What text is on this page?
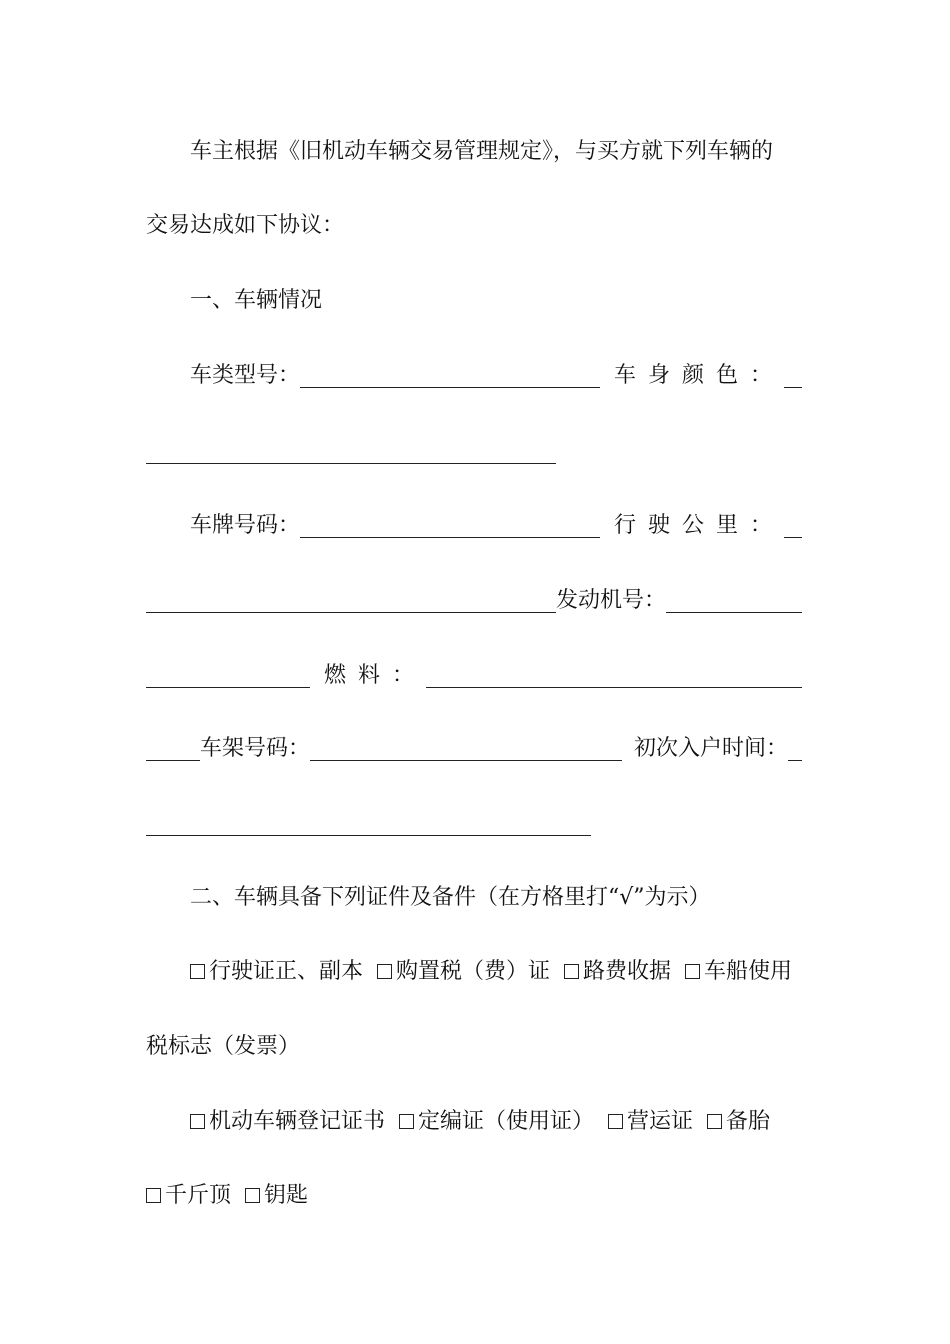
车主根据《旧机动车辆交易管理规定》，与买方就下列车辆的
交易达成如下协议：
一、车辆情况
车类型号：	车身颜色：
车牌号码：	行驶公里：
发动机号：
燃料：
车架号码：	初次入户时间：
二、车辆具备下列证件及备件（在方格里打“√”为示）
行驶证正、副本 购置税（费）证 路费收据 车船使用
税标志（发票）
机动车辆登记证书 定编证（使用证） 营运证 备胎
千斤顶 钥匙
